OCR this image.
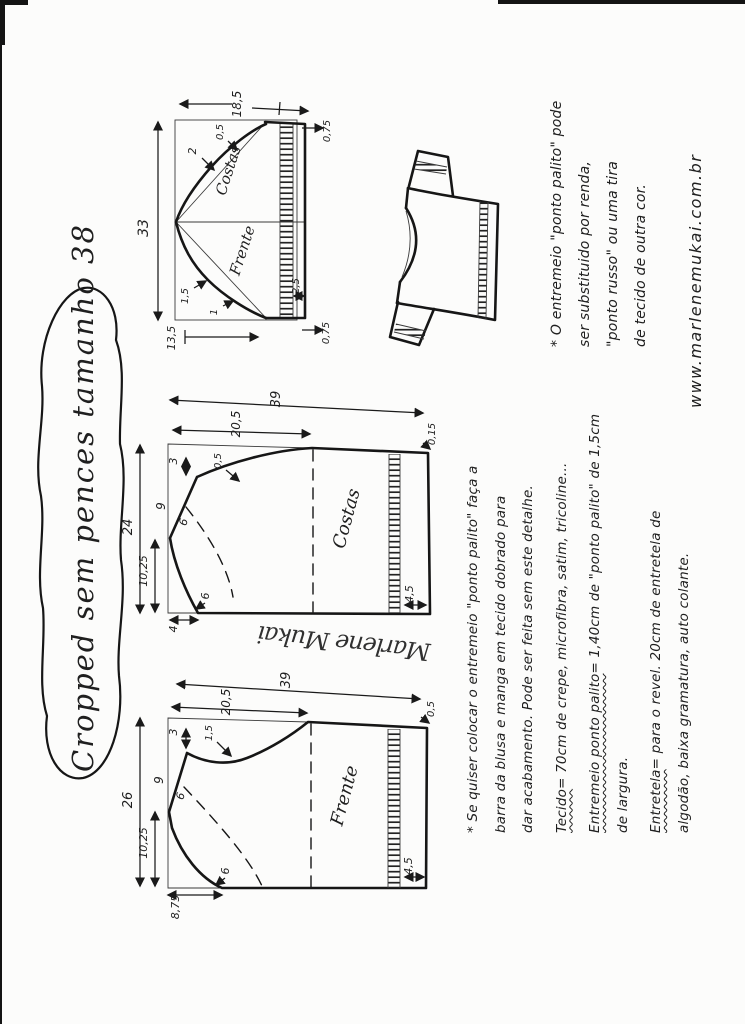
33
18,5
0,75
0,75
2,5
13,5
2
0,5
1,5
1
Costas
Frente
39
20,5
6
4,5
24
3
9
10,25
4
6
0,5
0,15
Costas
Marlene Mukai
39
20,5
6
4,5
26
3
9
10,25
8,75
6
1,5
0,5
Frente
Cropped sem pences tamanho 38	* O entremeio "ponto palito" pode ser substituido por renda, "ponto russo" ou uma tira de tecido de outra cor.	www.marlenemukai.com.br
* Se quiser colocar o entremeio "ponto palito" faça a barra da blusa e manga em tecido dobrado para dar acabamento. Pode ser feita sem este detalhe.	Tecido= 70cm de crepe, microfibra, satim, tricoline...	Entremeio ponto palito= 1,40cm de "ponto palito" de 1,5cm
de largura.	Entretela= para o revel. 20cm de entretela de algodão, baixa gramatura, auto colante.
